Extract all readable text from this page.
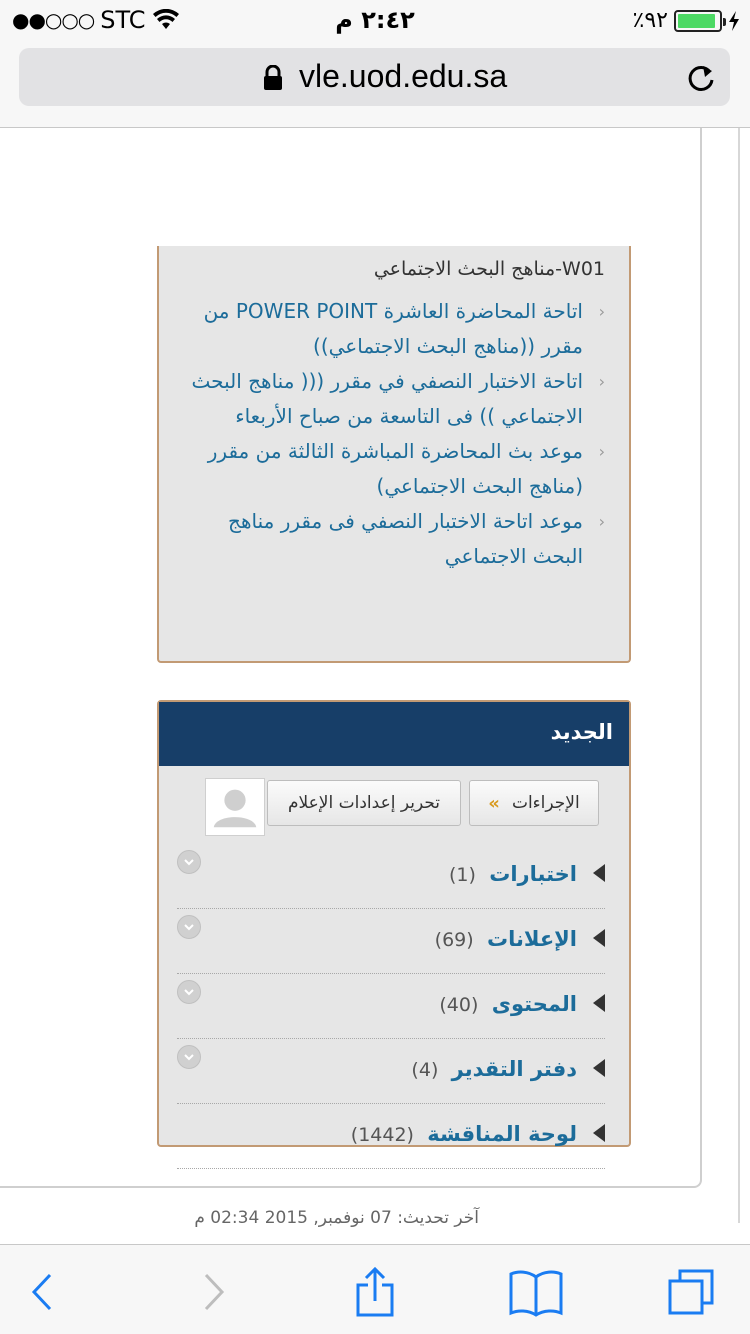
●●○○○ STC	٢:٤٢ م	٪٩٢
vle.uod.edu.sa
W01-مناهج البحث الاجتماعي
‹
اتاحة المحاضرة العاشرة POWER POINT من مقرر ((مناهج البحث الاجتماعي))
‹
اتاحة الاختبار النصفي في مقرر ((( مناهج البحث الاجتماعي )) فى التاسعة من صباح الأربعاء
‹
موعد بث المحاضرة المباشرة الثالثة من مقرر (مناهج البحث الاجتماعي)
‹
موعد اتاحة الاختبار النصفي فى مقرر مناهج البحث الاجتماعي
الجديد
الإجراءات
»
تحرير إعدادات الإعلام
اختبارات (1)
الإعلانات (69)
المحتوى (40)
دفتر التقدير (4)
لوحة المناقشة (1442)
آخر تحديث: 07 نوفمبر, 2015 02:34 م
